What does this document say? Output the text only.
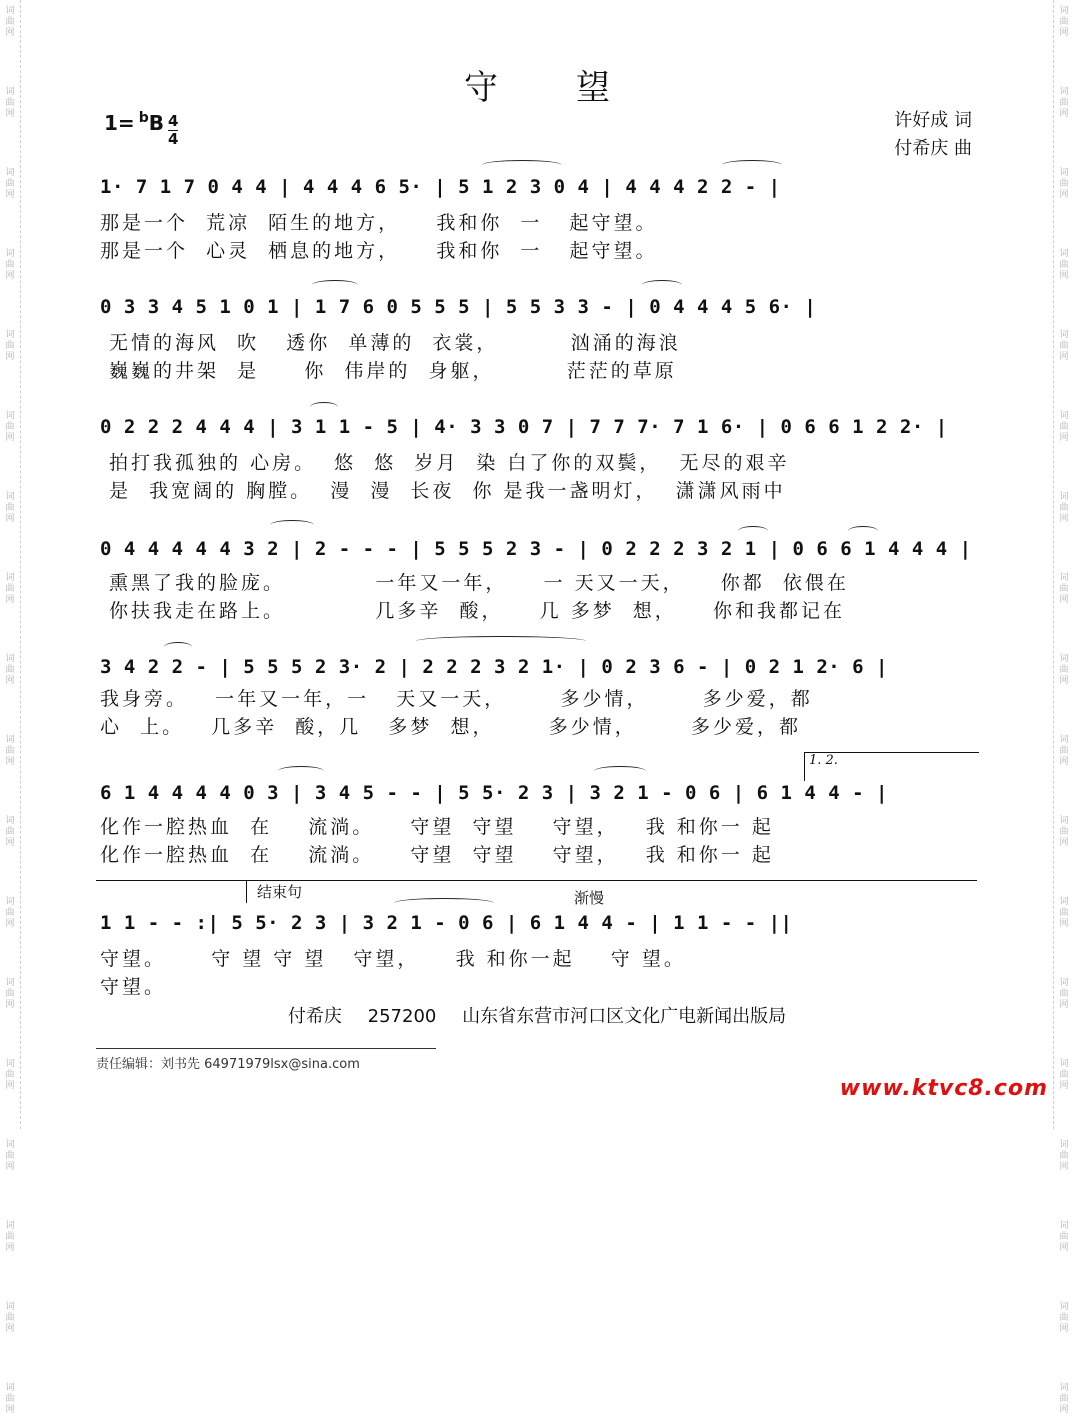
词曲网
词曲网
词曲网
词曲网
词曲网
词曲网
词曲网
词曲网
词曲网
词曲网
词曲网
词曲网
词曲网
词曲网
词曲网
词曲网
词曲网
词曲网
词曲网
词曲网
词曲网
词曲网
词曲网
词曲网
词曲网
词曲网
词曲网
词曲网
词曲网
词曲网
词曲网
词曲网
词曲网
词曲网
词曲网
词曲网
守望
$1= ^bB \frac{4}{4}$	许好成 词
付希庆 曲
1· 7 1 7 0 4 4 | 4 4 4 6 5· | 5 1 2 3 0 4 | 4 4 4 2 2 - |
那是一个  荒凉  陌生的地方，    我和你  一   起守望。
那是一个  心灵  栖息的地方，    我和你  一   起守望。
0 3 3 4 5 1 0 1 | 1 7 6 0 5 5 5 | 5 5 3 3 - | 0 4 4 4 5 6· |
无情的海风  吹   透你  单薄的  衣裳，        汹涌的海浪
巍巍的井架  是     你  伟岸的  身躯，        茫茫的草原
0 2 2 2 4 4 4 | 3 1 1 - 5 | 4· 3 3 0 7 | 7 7 7· 7 1 6· | 0 6 6 1 2 2· |
拍打我孤独的 心房。  悠  悠  岁月  染 白了你的双鬓，  无尽的艰辛
是  我宽阔的 胸膛。  漫  漫  长夜  你 是我一盏明灯，  潇潇风雨中
0 4 4 4 4 4 3 2 | 2 - - - | 5 5 5 2 3 - | 0 2 2 2 3 2 1 | 0 6 6 1 4 4 4 |
熏黑了我的脸庞。          一年又一年，    一 天又一天，    你都  依偎在
你扶我走在路上。          几多辛  酸，    几 多梦  想，    你和我都记在
3 4 2 2 - | 5 5 5 2 3· 2 | 2 2 2 3 2 1· | 0 2 3 6 - | 0 2 1 2· 6 |
我身旁。   一年又一年，一   天又一天，      多少情，      多少爱，都
心  上。   几多辛  酸，几   多梦  想，      多少情，      多少爱，都
1. 2.
6 1 4 4 4 4 0 3 | 3 4 5 - - | 5 5· 2 3 | 3 2 1 - 0 6 | 6 1 4 4 - |
化作一腔热血  在    流淌。    守望  守望    守望，   我 和你一 起
化作一腔热血  在    流淌。    守望  守望    守望，   我 和你一 起
结束句	渐慢
1 1 - - :| 5 5· 2 3 | 3 2 1 - 0 6 | 6 1 4 4 - | 1 1 - - ||
守望。     守 望 守 望   守望，    我 和你一起    守 望。
守望。
付希庆 257200 山东省东营市河口区文化广电新闻出版局
责任编辑：刘书先 64971979lsx@sina.com
www.ktvc8.com
